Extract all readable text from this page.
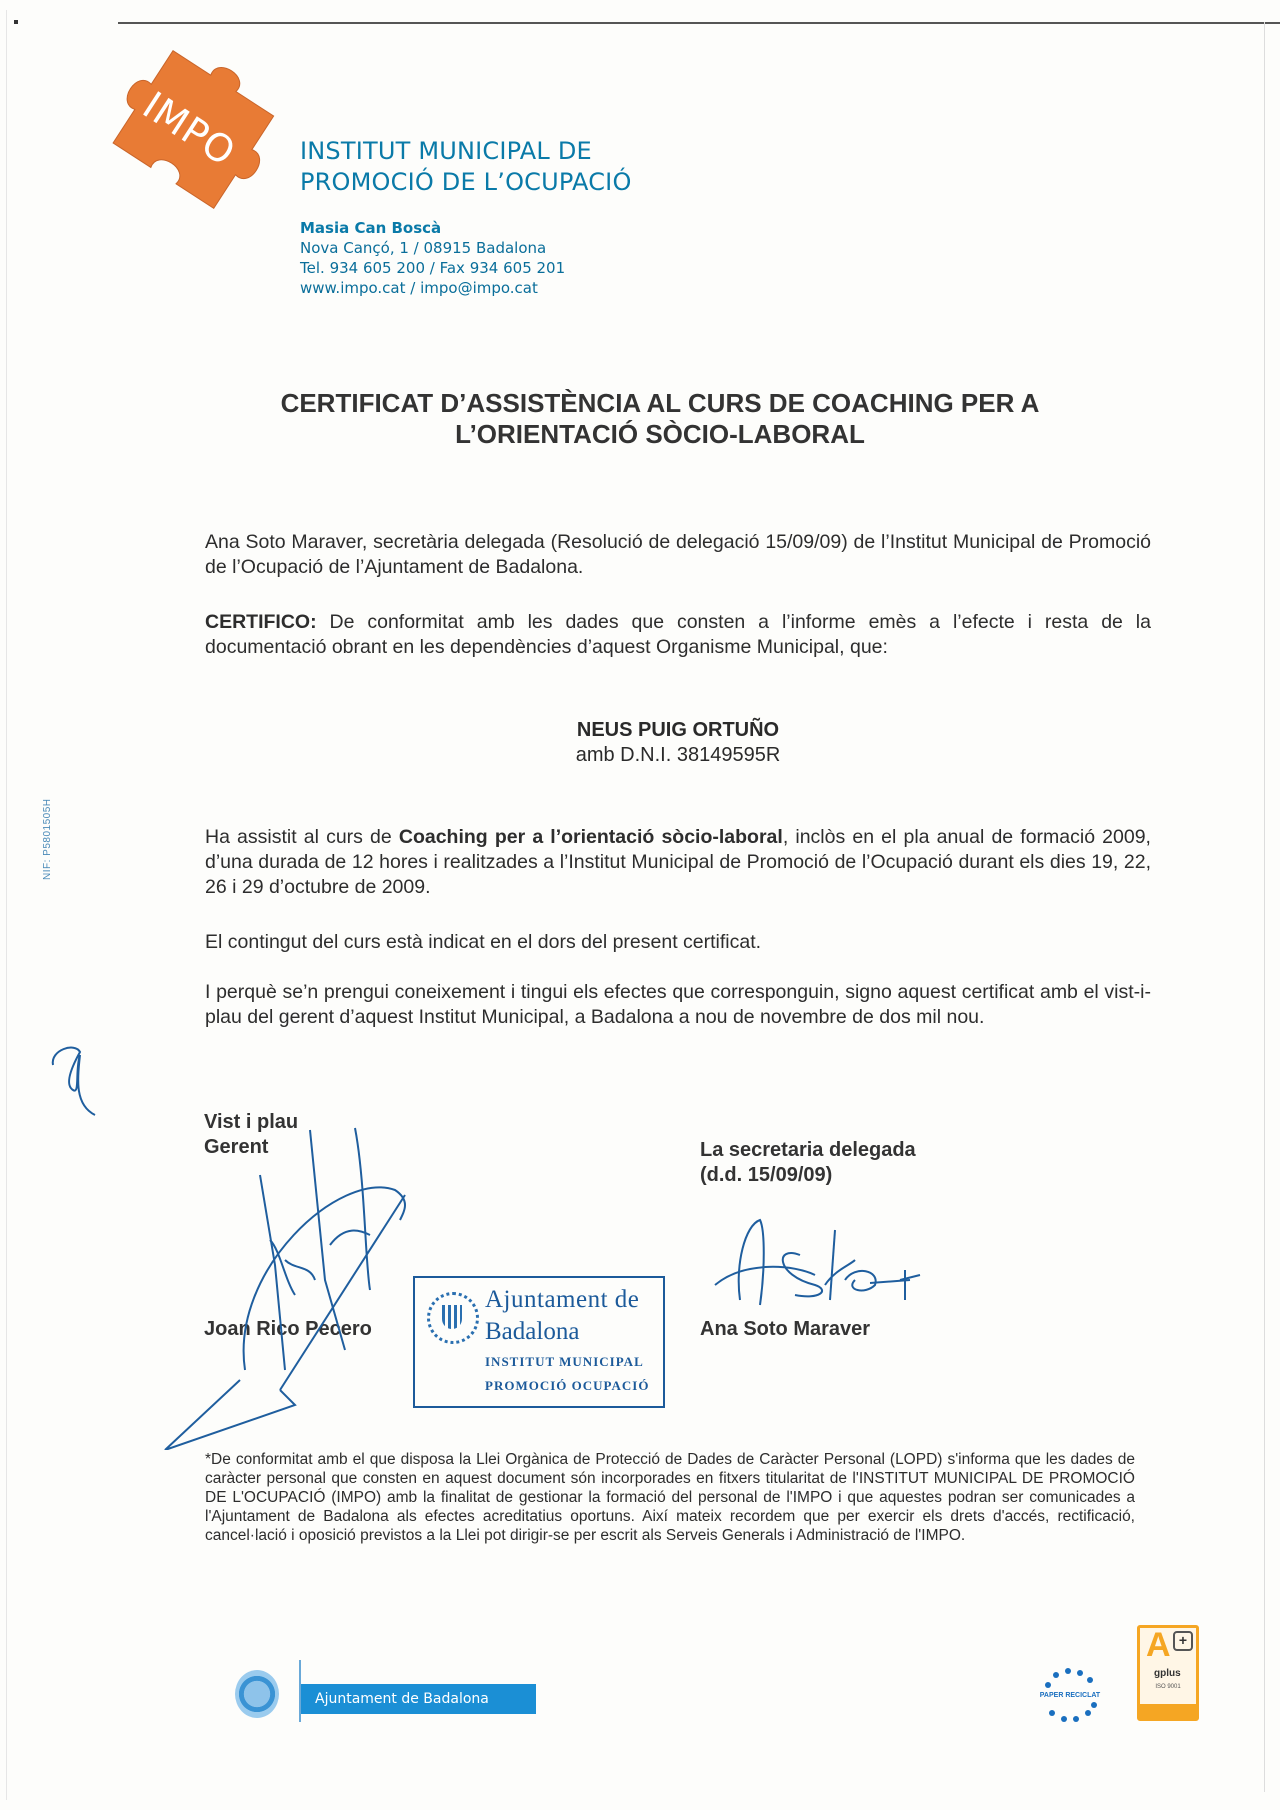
IMPO INSTITUT MUNICIPAL DE
PROMOCIÓ DE L’OCUPACIÓ
Masia Can Boscà
Nova Cançó, 1 / 08915 Badalona
Tel. 934 605 200 / Fax 934 605 201
www.impo.cat / impo@impo.cat
CERTIFICAT D’ASSISTÈNCIA AL CURS DE COACHING PER A
L’ORIENTACIÓ SÒCIO-LABORAL
Ana Soto Maraver, secretària delegada (Resolució de delegació 15/09/09) de l’Institut Municipal de Promoció de l’Ocupació de l’Ajuntament de Badalona.
CERTIFICO: De conformitat amb les dades que consten a l’informe emès a l’efecte i resta de la documentació obrant en les dependències d’aquest Organisme Municipal, que:
NEUS PUIG ORTUÑO
amb D.N.I. 38149595R
Ha assistit al curs de Coaching per a l’orientació sòcio-laboral, inclòs en el pla anual de formació 2009, d’una durada de 12 hores i realitzades a l’Institut Municipal de Promoció de l’Ocupació durant els dies 19, 22, 26 i 29 d’octubre de 2009.
El contingut del curs està indicat en el dors del present certificat.
I perquè se’n prengui coneixement i tingui els efectes que corresponguin, signo aquest certificat amb el vist-i-plau del gerent d’aquest Institut Municipal, a Badalona a nou de novembre de dos mil nou.
Vist i plau
Gerent
Joan Rico Pecero
La secretaria delegada
(d.d. 15/09/09)
Ana Soto Maraver
Ajuntament de
Badalona
INSTITUT MUNICIPAL
PROMOCIÓ OCUPACIÓ
*De conformitat amb el que disposa la Llei Orgànica de Protecció de Dades de Caràcter Personal (LOPD) s'informa que les dades de caràcter personal que consten en aquest document són incorporades en fitxers titularitat de l'INSTITUT MUNICIPAL DE PROMOCIÓ DE L'OCUPACIÓ (IMPO) amb la finalitat de gestionar la formació del personal de l'IMPO i que aquestes podran ser comunicades a l'Ajuntament de Badalona als efectes acreditatius oportuns. Així mateix recordem que per exercir els drets d'accés, rectificació, cancel·lació i oposició previstos a la Llei pot dirigir-se per escrit als Serveis Generals i Administració de l'IMPO.
NIF: P5801505H
Ajuntament de Badalona	PAPER RECICLAT
A +
gplus
ISO 9001
